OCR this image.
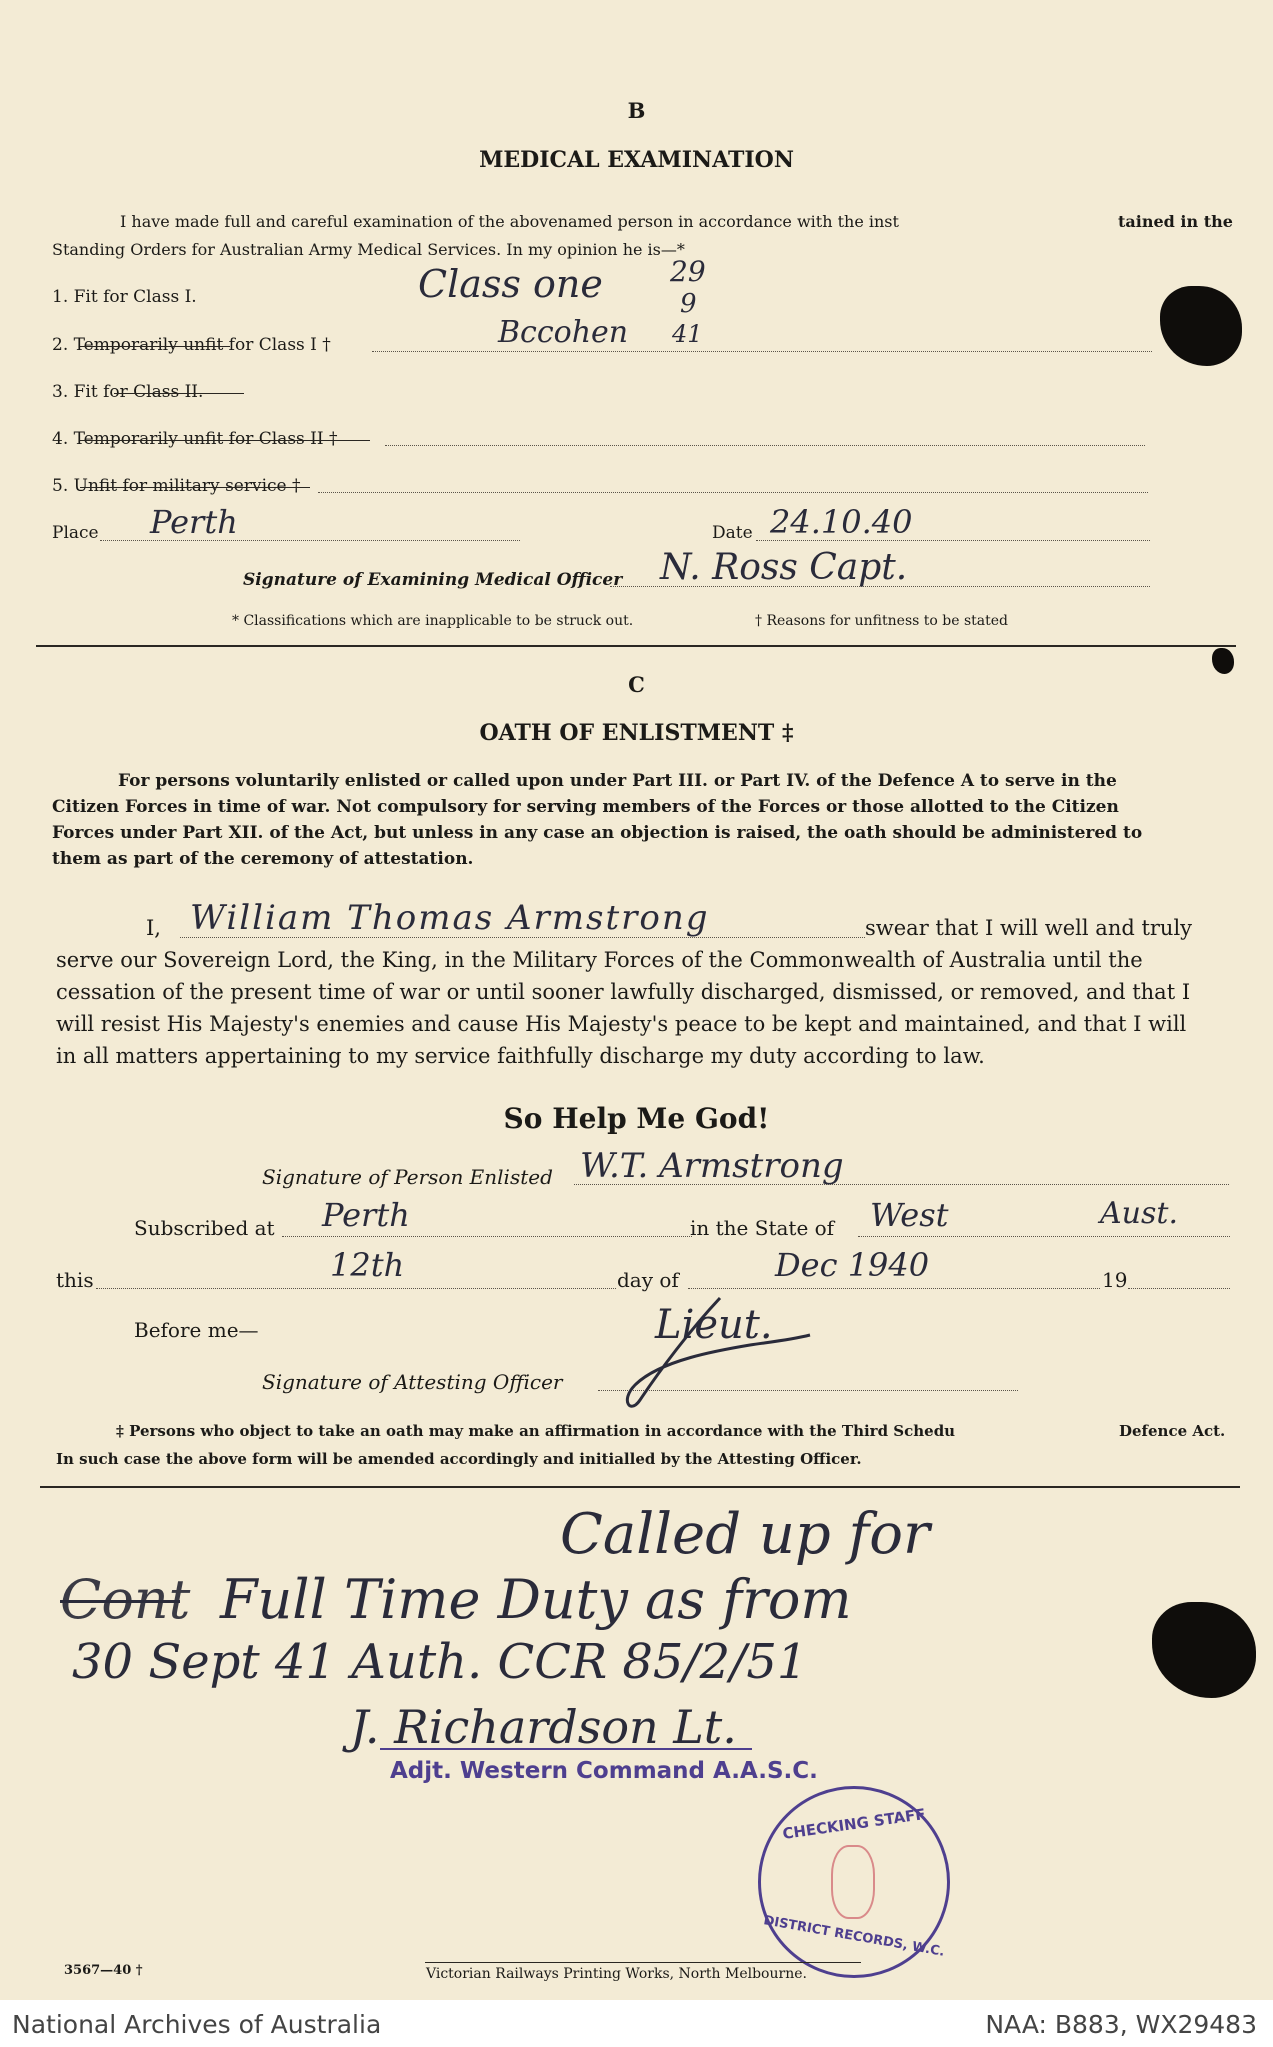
B
MEDICAL EXAMINATION
I have made full and careful examination of the abovenamed person in accordance with the inst	tained in the
Standing Orders for Australian Army Medical Services. In my opinion he is—*
1. Fit for Class I.
2. Temporarily unfit for Class I †
3. Fit for Class II.
4. Temporarily unfit for Class II †
5. Unfit for military service †
Class one 29
9
Bccohen 41
Place Perth	Date 24.10.40
Signature of Examining Medical Officer N. Ross Capt.
* Classifications which are inapplicable to be struck out.	† Reasons for unfitness to be stated
C
OATH OF ENLISTMENT ‡
For persons voluntarily enlisted or called upon under Part III. or Part IV. of the Defence A to serve in the
Citizen Forces in time of war. Not compulsory for serving members of the Forces or those allotted to the Citizen
Forces under Part XII. of the Act, but unless in any case an objection is raised, the oath should be administered to
them as part of the ceremony of attestation.
I, William Thomas Armstrong	swear that I will well and truly
serve our Sovereign Lord, the King, in the Military Forces of the Commonwealth of Australia until the
cessation of the present time of war or until sooner lawfully discharged, dismissed, or removed, and that I
will resist His Majesty's enemies and cause His Majesty's peace to be kept and maintained, and that I will
in all matters appertaining to my service faithfully discharge my duty according to law.
So Help Me God!
Signature of Person Enlisted W.T. Armstrong
Subscribed at Perth	in the State of West	Aust.
this	12th	day of	Dec 1940	19
Before me—
Signature of Attesting Officer
Lieut.
‡ Persons who object to take an oath may make an affirmation in accordance with the Third Schedu	Defence Act.
In such case the above form will be amended accordingly and initialled by the Attesting Officer.
Called up for
Cont Full Time Duty as from
30 Sept 41 Auth. CCR 85/2/51
J. Richardson Lt.
Adjt. Western Command A.A.S.C.
CHECKING STAFF
DISTRICT RECORDS, W.C.
3567—40 †	Victorian Railways Printing Works, North Melbourne.
National Archives of Australia	NAA: B883, WX29483
